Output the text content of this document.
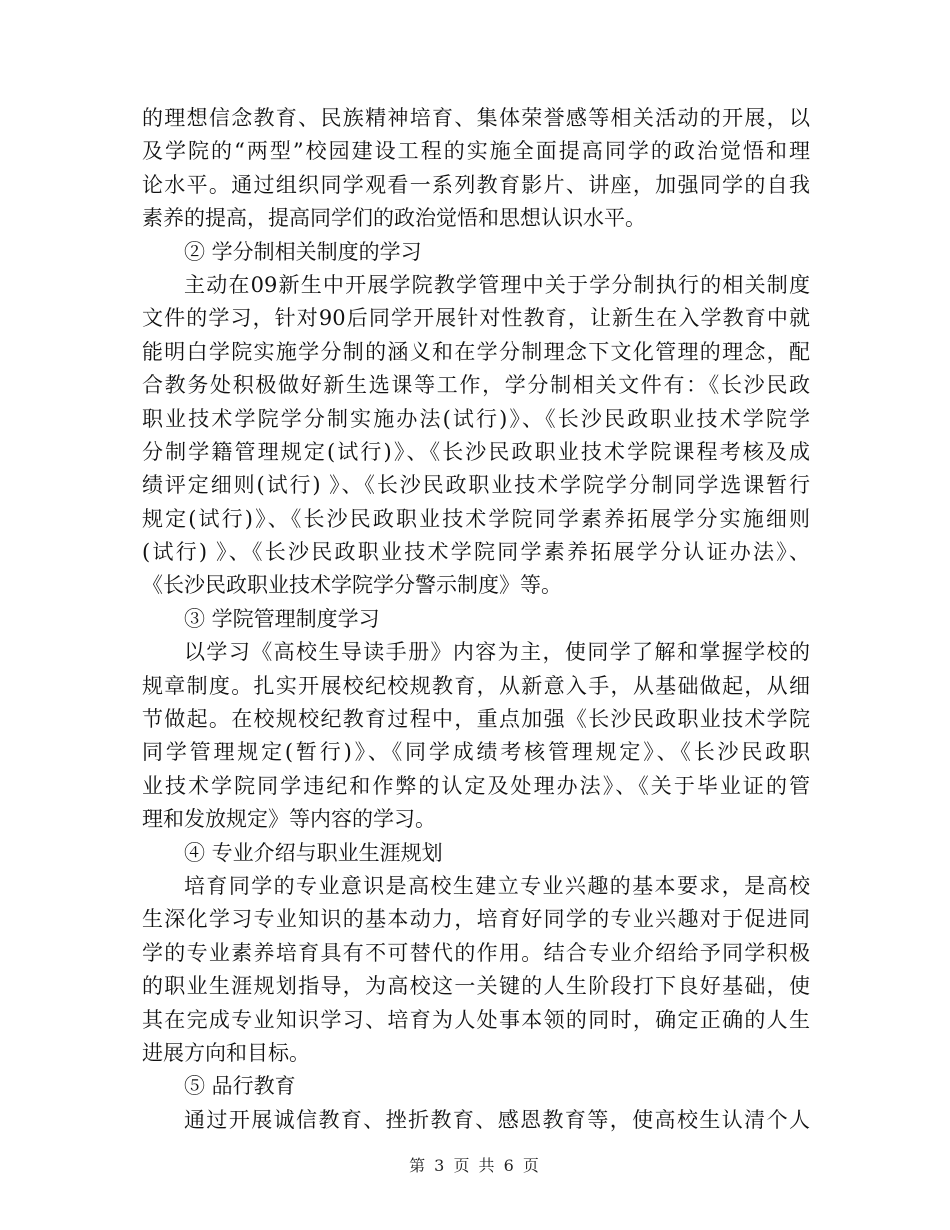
的理想信念教育、民族精神培育、集体荣誉感等相关活动的开展，以
及学院的“两型”校园建设工程的实施全面提高同学的政治觉悟和理
论水平。通过组织同学观看一系列教育影片、讲座，加强同学的自我
素养的提高，提高同学们的政治觉悟和思想认识水平。
② 学分制相关制度的学习
主动在09新生中开展学院教学管理中关于学分制执行的相关制度
文件的学习，针对90后同学开展针对性教育，让新生在入学教育中就
能明白学院实施学分制的涵义和在学分制理念下文化管理的理念，配
合教务处积极做好新生选课等工作，学分制相关文件有：《长沙民政
职业技术学院学分制实施办法(试行)》、《长沙民政职业技术学院学
分制学籍管理规定(试行)》、《长沙民政职业技术学院课程考核及成
绩评定细则(试行) 》、《长沙民政职业技术学院学分制同学选课暂行
规定(试行)》、《长沙民政职业技术学院同学素养拓展学分实施细则
(试行) 》、《长沙民政职业技术学院同学素养拓展学分认证办法》、
《长沙民政职业技术学院学分警示制度》等。
③ 学院管理制度学习
以学习《高校生导读手册》内容为主，使同学了解和掌握学校的
规章制度。扎实开展校纪校规教育，从新意入手，从基础做起，从细
节做起。在校规校纪教育过程中，重点加强《长沙民政职业技术学院
同学管理规定(暂行)》、《同学成绩考核管理规定》、《长沙民政职
业技术学院同学违纪和作弊的认定及处理办法》、《关于毕业证的管
理和发放规定》等内容的学习。
④ 专业介绍与职业生涯规划
培育同学的专业意识是高校生建立专业兴趣的基本要求，是高校
生深化学习专业知识的基本动力，培育好同学的专业兴趣对于促进同
学的专业素养培育具有不可替代的作用。结合专业介绍给予同学积极
的职业生涯规划指导，为高校这一关键的人生阶段打下良好基础，使
其在完成专业知识学习、培育为人处事本领的同时，确定正确的人生
进展方向和目标。
⑤ 品行教育
通过开展诚信教育、挫折教育、感恩教育等，使高校生认清个人
第 3 页 共 6 页
